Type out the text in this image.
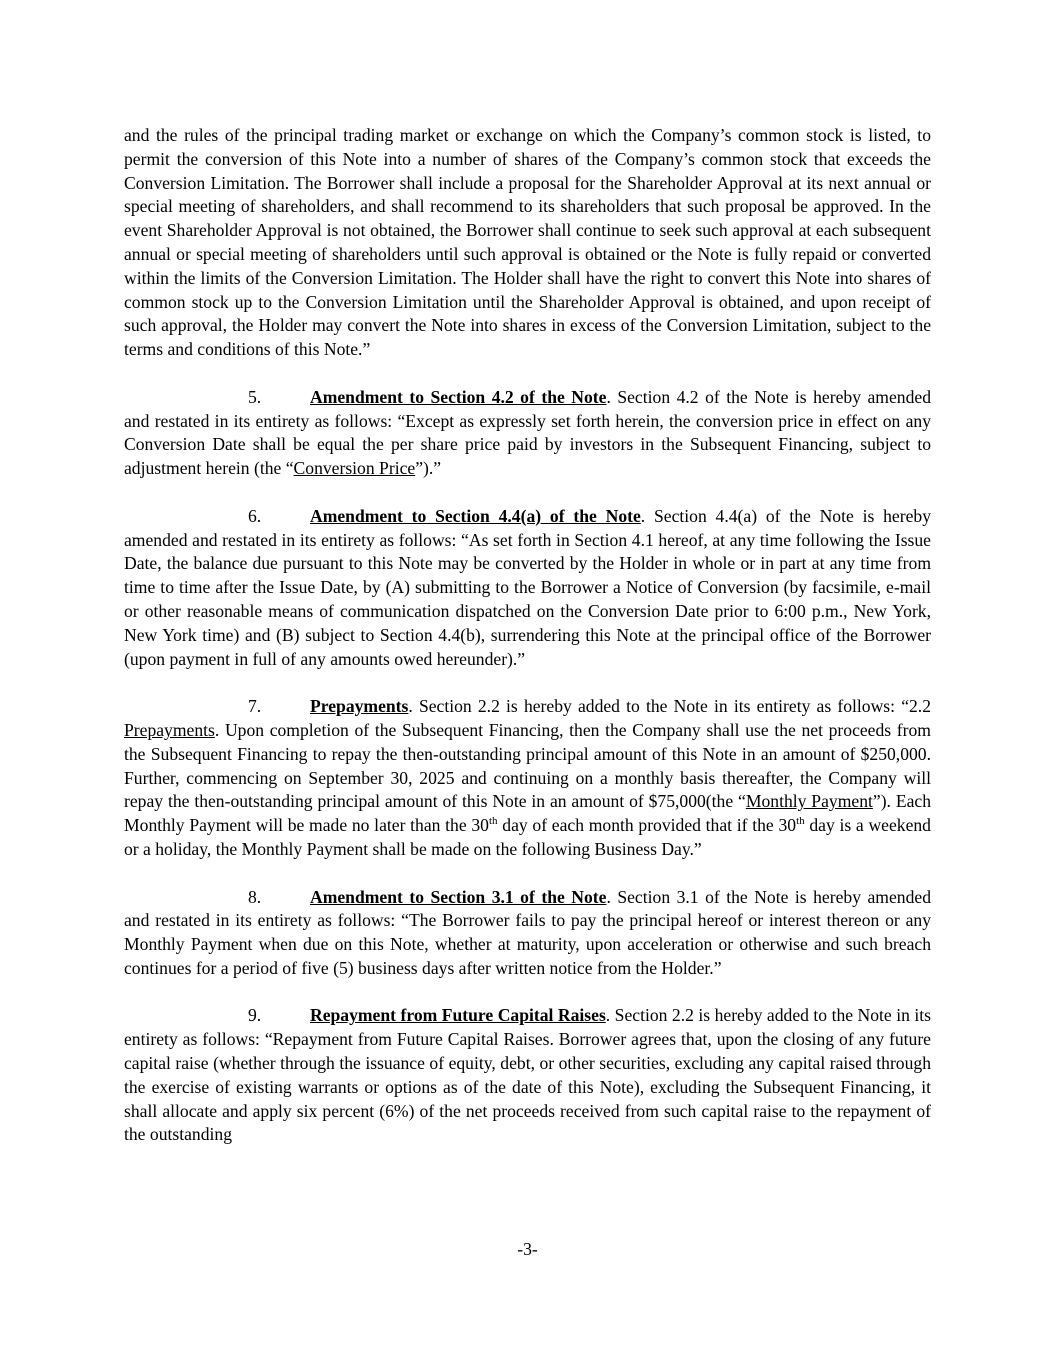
and the rules of the principal trading market or exchange on which the Company’s common stock is listed, to permit the conversion of this Note into a number of shares of the Company’s common stock that exceeds the Conversion Limitation. The Borrower shall include a proposal for the Shareholder Approval at its next annual or special meeting of shareholders, and shall recommend to its shareholders that such proposal be approved. In the event Shareholder Approval is not obtained, the Borrower shall continue to seek such approval at each subsequent annual or special meeting of shareholders until such approval is obtained or the Note is fully repaid or converted within the limits of the Conversion Limitation. The Holder shall have the right to convert this Note into shares of common stock up to the Conversion Limitation until the Shareholder Approval is obtained, and upon receipt of such approval, the Holder may convert the Note into shares in excess of the Conversion Limitation, subject to the terms and conditions of this Note.”

5.	Amendment to Section 4.2 of the Note. Section 4.2 of the Note is hereby amended and restated in its entirety as follows: “Except as expressly set forth herein, the conversion price in effect on any Conversion Date shall be equal the per share price paid by investors in the Subsequent Financing, subject to adjustment herein (the “Conversion Price”).”

6.	Amendment to Section 4.4(a) of the Note. Section 4.4(a) of the Note is hereby amended and restated in its entirety as follows: “As set forth in Section 4.1 hereof, at any time following the Issue Date, the balance due pursuant to this Note may be converted by the Holder in whole or in part at any time from time to time after the Issue Date, by (A) submitting to the Borrower a Notice of Conversion (by facsimile, e-mail or other reasonable means of communication dispatched on the Conversion Date prior to 6:00 p.m., New York, New York time) and (B) subject to Section 4.4(b), surrendering this Note at the principal office of the Borrower (upon payment in full of any amounts owed hereunder).”

7.	Prepayments. Section 2.2 is hereby added to the Note in its entirety as follows: “2.2 Prepayments. Upon completion of the Subsequent Financing, then the Company shall use the net proceeds from the Subsequent Financing to repay the then-outstanding principal amount of this Note in an amount of $250,000. Further, commencing on September 30, 2025 and continuing on a monthly basis thereafter, the Company will repay the then-outstanding principal amount of this Note in an amount of $75,000(the “Monthly Payment”). Each Monthly Payment will be made no later than the 30th day of each month provided that if the 30th day is a weekend or a holiday, the Monthly Payment shall be made on the following Business Day.”

8.	Amendment to Section 3.1 of the Note. Section 3.1 of the Note is hereby amended and restated in its entirety as follows: “The Borrower fails to pay the principal hereof or interest thereon or any Monthly Payment when due on this Note, whether at maturity, upon acceleration or otherwise and such breach continues for a period of five (5) business days after written notice from the Holder.”

9.	Repayment from Future Capital Raises. Section 2.2 is hereby added to the Note in its entirety as follows: “Repayment from Future Capital Raises. Borrower agrees that, upon the closing of any future capital raise (whether through the issuance of equity, debt, or other securities, excluding any capital raised through the exercise of existing warrants or options as of the date of this Note), excluding the Subsequent Financing, it shall allocate and apply six percent (6%) of the net proceeds received from such capital raise to the repayment of the outstanding

-3-
